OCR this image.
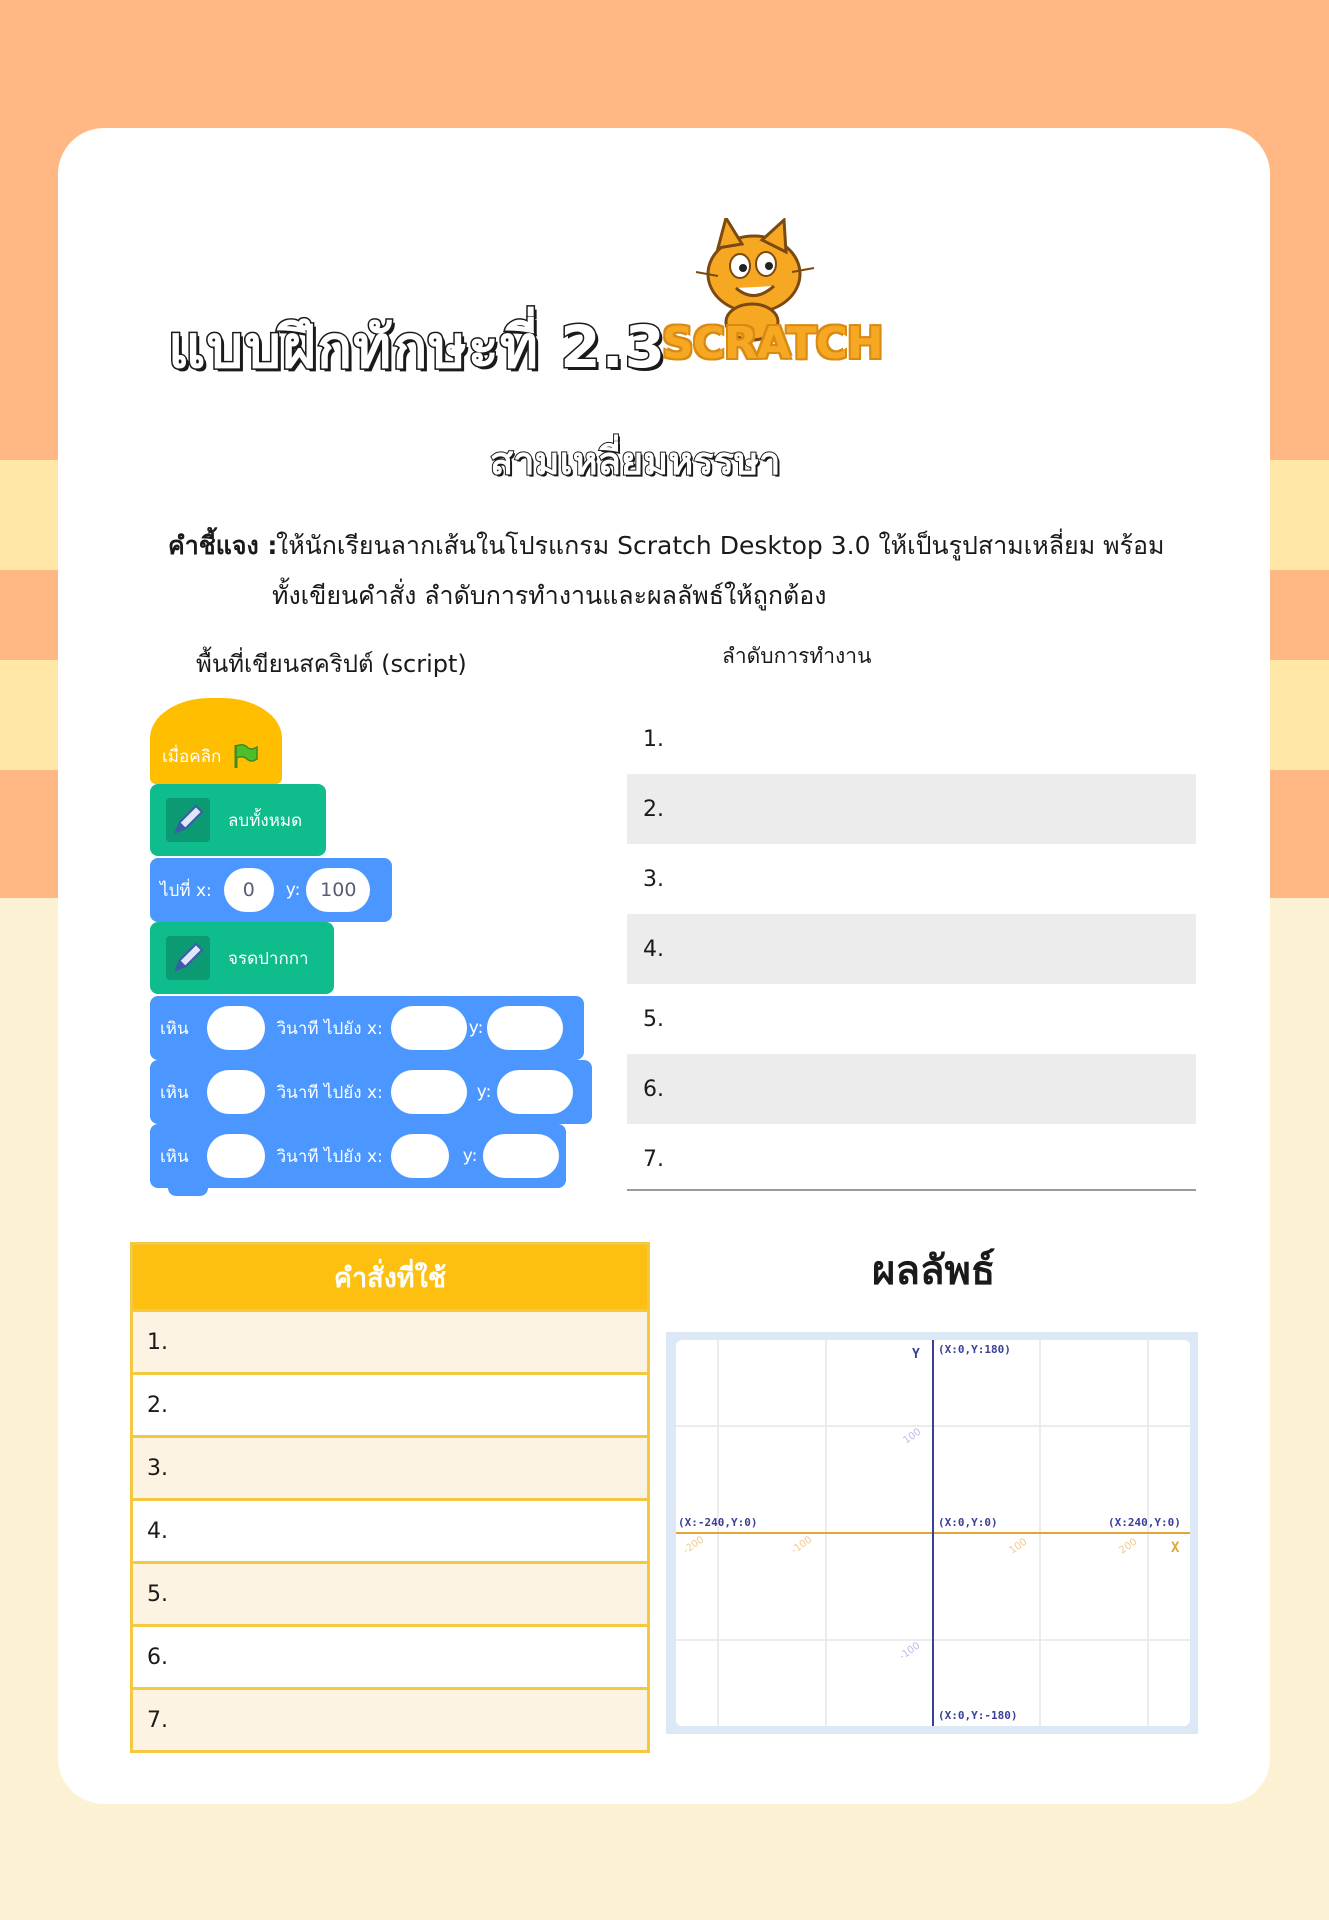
แบบฝึกทักษะที่ 2.3
SCRATCH
สามเหลี่ยมหรรษา
คำชี้แจง :
ให้นักเรียนลากเส้นในโปรแกรม Scratch Desktop 3.0 ให้เป็นรูปสามเหลี่ยม พร้อม
ทั้งเขียนคำสั่ง ลำดับการทำงานและผลลัพธ์ให้ถูกต้อง
พื้นที่เขียนสคริปต์ (script)	ลำดับการทำงาน
เมื่อคลิก
ลบทั้งหมด
ไปที่ x:	0	y:	100
จรดปากกา
เหิน	วินาที ไปยัง x:	y:
เหิน	วินาที ไปยัง x:	y:
เหิน	วินาที ไปยัง x:	y:
1.
2.
3.
4.
5.
6.
7.
คำสั่งที่ใช้
1.
2.
3.
4.
5.
6.
7.
ผลลัพธ์
Y
X
(X:0,Y:180)
(X:0,Y:-180)
(X:-240,Y:0)	(X:240,Y:0)
(X:0,Y:0)
-200	-100	100	200
100
-100
